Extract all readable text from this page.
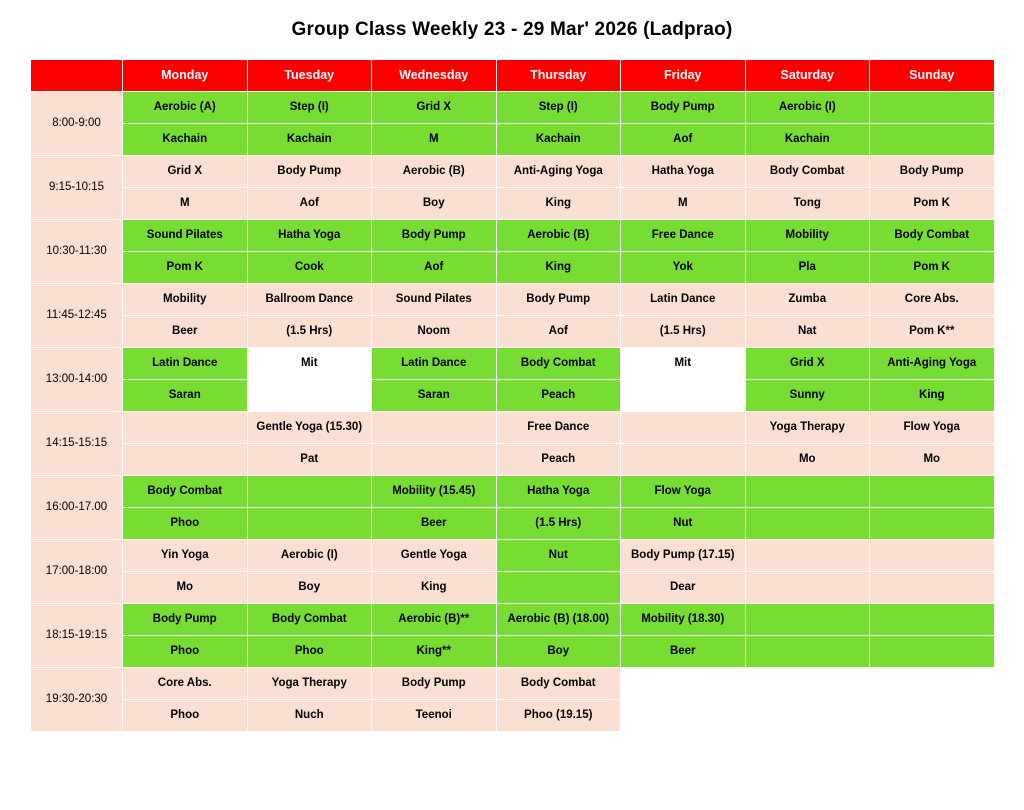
Group Class Weekly 23 - 29 Mar' 2026 (Ladprao)
	Monday	Tuesday	Wednesday	Thursday	Friday	Saturday	Sunday
8:00-9:00	Aerobic (A)	Step (I)	Grid X	Step (I)	Body Pump	Aerobic (I)	
	Kachain	Kachain	M	Kachain	Aof	Kachain	
9:15-10:15	Grid X	Body Pump	Aerobic (B)	Anti-Aging Yoga	Hatha Yoga	Body Combat	Body Pump
	M	Aof	Boy	King	M	Tong	Pom K
10:30-11:30	Sound Pilates	Hatha Yoga	Body Pump	Aerobic (B)	Free Dance	Mobility	Body Combat
	Pom K	Cook	Aof	King	Yok	Pla	Pom K
11:45-12:45	Mobility	Ballroom Dance	Sound Pilates	Body Pump	Latin Dance	Zumba	Core Abs.
	Beer	(1.5 Hrs)	Noom	Aof	(1.5 Hrs)	Nat	Pom K**
13:00-14:00	Latin Dance	Mit	Latin Dance	Body Combat	Mit	Grid X	Anti-Aging Yoga
	Saran		Saran	Peach		Sunny	King
14:15-15:15		Gentle Yoga (15.30)		Free Dance		Yoga Therapy	Flow Yoga
		Pat		Peach		Mo	Mo
16:00-17.00	Body Combat		Mobility (15.45)	Hatha Yoga	Flow Yoga		
	Phoo		Beer	(1.5 Hrs)	Nut		
17:00-18:00	Yin Yoga	Aerobic (I)	Gentle Yoga	Nut	Body Pump (17.15)		
	Mo	Boy	King		Dear		
18:15-19:15	Body Pump	Body Combat	Aerobic (B)**	Aerobic (B) (18.00)	Mobility (18.30)		
	Phoo	Phoo	King**	Boy	Beer		
19:30-20:30	Core Abs.	Yoga Therapy	Body Pump	Body Combat			
	Phoo	Nuch	Teenoi	Phoo (19.15)			
